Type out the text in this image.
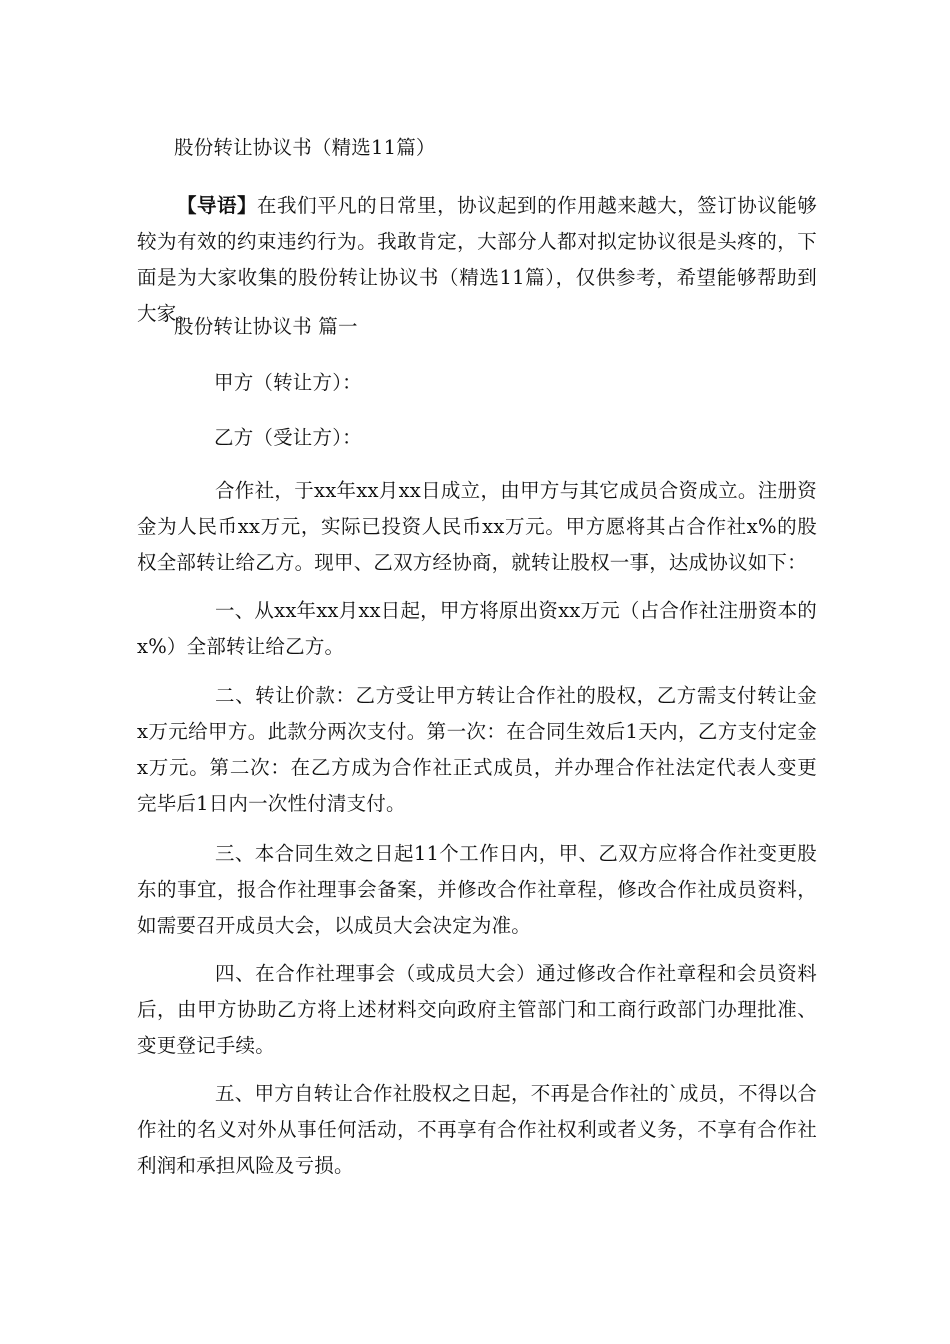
股份转让协议书（精选11篇）
【导语】在我们平凡的日常里，协议起到的作用越来越大，签订协议能够较为有效的约束违约行为。我敢肯定，大部分人都对拟定协议很是头疼的，下面是为大家收集的股份转让协议书（精选11篇），仅供参考，希望能够帮助到大家。
股份转让协议书 篇一
甲方（转让方）：
乙方（受让方）：
合作社，于xx年xx月xx日成立，由甲方与其它成员合资成立。注册资金为人民币xx万元，实际已投资人民币xx万元。甲方愿将其占合作社x%的股权全部转让给乙方。现甲、乙双方经协商，就转让股权一事，达成协议如下：
一、从xx年xx月xx日起，甲方将原出资xx万元（占合作社注册资本的x%）全部转让给乙方。
二、转让价款：乙方受让甲方转让合作社的股权，乙方需支付转让金x万元给甲方。此款分两次支付。第一次：在合同生效后1天内，乙方支付定金x万元。第二次：在乙方成为合作社正式成员，并办理合作社法定代表人变更完毕后1日内一次性付清支付。
三、本合同生效之日起11个工作日内，甲、乙双方应将合作社变更股东的事宜，报合作社理事会备案，并修改合作社章程，修改合作社成员资料，如需要召开成员大会，以成员大会决定为准。
四、在合作社理事会（或成员大会）通过修改合作社章程和会员资料后，由甲方协助乙方将上述材料交向政府主管部门和工商行政部门办理批准、变更登记手续。
五、甲方自转让合作社股权之日起，不再是合作社的`成员，不得以合作社的名义对外从事任何活动，不再享有合作社权利或者义务，不享有合作社利润和承担风险及亏损。
